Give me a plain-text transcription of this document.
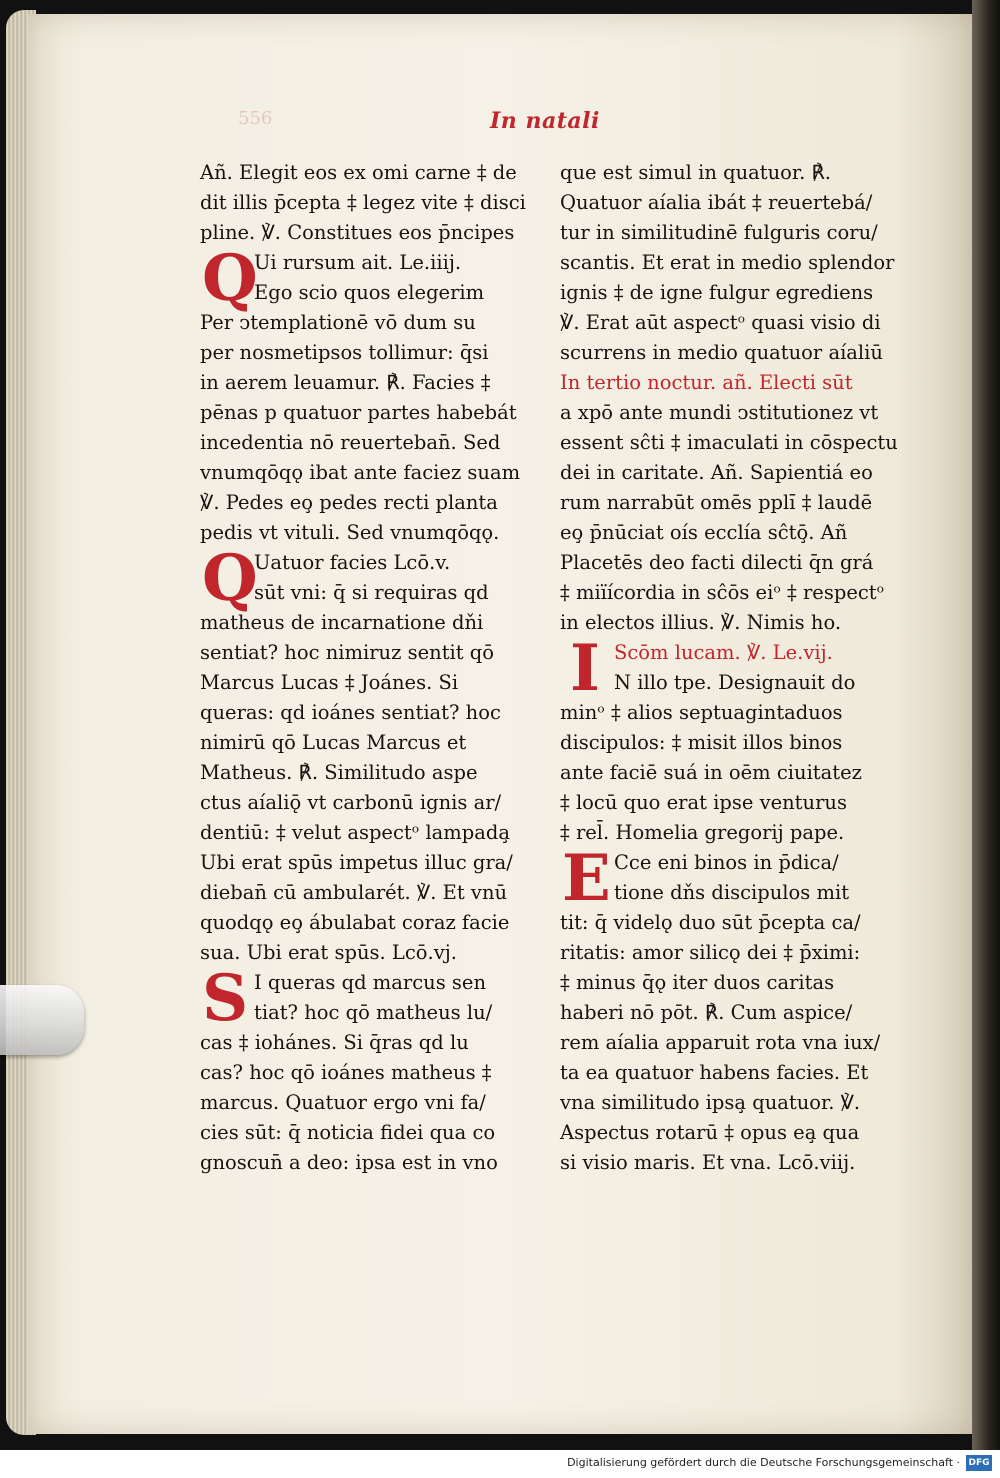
556	In natali
Añ. Elegit eos ex omi carne ‡ de
dit illis p̄cepta ‡ legez vite ‡ disci
pline. ℣. Constitues eos p̄ncipes
Q
Ui rursum ait. Le.iiij.
Ego scio quos elegerim
Per ↄtemplationē vō dum su
per nosmetipsos tollimur: q̄si
in aerem leuamur. ℟. Facies ‡
pēnas p quatuor partes habebát
incedentia nō reuerteban̄. Sed
vnumqōqǫ ibat ante faciez suam
℣. Pedes eo̧ pedes recti planta
pedis vt vituli. Sed vnumqōqǫ.
Q
Uatuor facies Lcō.v.
sūt vni: q̄ si requiras qd
matheus de incarnatione dňi
sentiat? hoc nimiruz sentit qō
Marcus Lucas ‡ Joánes. Si
queras: qd ioánes sentiat? hoc
nimirū qō Lucas Marcus et
Matheus. ℟. Similitudo aspe
ctus aíaliǭ vt carbonū ignis ar/
dentiū: ‡ velut aspectᵒ lampada̧
Ubi erat spūs impetus illuc gra/
dieban̄ cū ambularét. ℣. Et vnū
quodqǫ eo̧ ábulabat coraz facie
sua. Ubi erat spūs. Lcō.vj.
S I queras qd marcus sen
tiat? hoc qō matheus lu/
cas ‡ iohánes. Si q̄ras qd lu
cas? hoc qō ioánes matheus ‡
marcus. Quatuor ergo vni fa/
cies sūt: q̄ noticia fidei qua co
gnoscun̄ a deo: ipsa est in vno
que est simul in quatuor. ℟.
Quatuor aíalia ibát ‡ reuertebá/
tur in similitudinē fulguris coru/
scantis. Et erat in medio splendor
ignis ‡ de igne fulgur egrediens
℣. Erat aūt aspectᵒ quasi visio di
scurrens in medio quatuor aíaliū
In tertio noctur. añ. Electi sūt
a xpō ante mundi ↄstitutionez vt
essent sĉti ‡ imaculati in cōspectu
dei in caritate. Añ. Sapientiá eo
rum narrabūt omēs pplı̄ ‡ laudē
eo̧ p̄nūciat oís ecclía sĉtō̧. Añ
Placetēs deo facti dilecti q̄n grá
‡ miïícordia in sĉōs eiᵒ ‡ respectᵒ
in electos illius. ℣. Nimis ho.
I Scōm lucam. ℣. Le.vij.
N illo tpe. Designauit do
minᵒ ‡ alios septuagintaduos
discipulos: ‡ misit illos binos
ante faciē suá in oēm ciuitatez
‡ locū quo erat ipse venturus
‡ rel̄. Homelia gregorij pape.
E Cce eni binos in p̄dica/
tione dňs discipulos mit
tit: q̄ videlǫ duo sūt p̄cepta ca/
ritatis: amor silicǫ dei ‡ p̄ximi:
‡ minus q̄ǫ iter duos caritas
haberi nō pōt. ℟. Cum aspice/
rem aíalia apparuit rota vna iux/
ta ea quatuor habens facies. Et
vna similitudo ipsa̧ quatuor. ℣.
Aspectus rotarū ‡ opus ea̧ qua
si visio maris. Et vna. Lcō.viij.
Digitalisierung gefördert durch die Deutsche Forschungsgemeinschaft · DFG
